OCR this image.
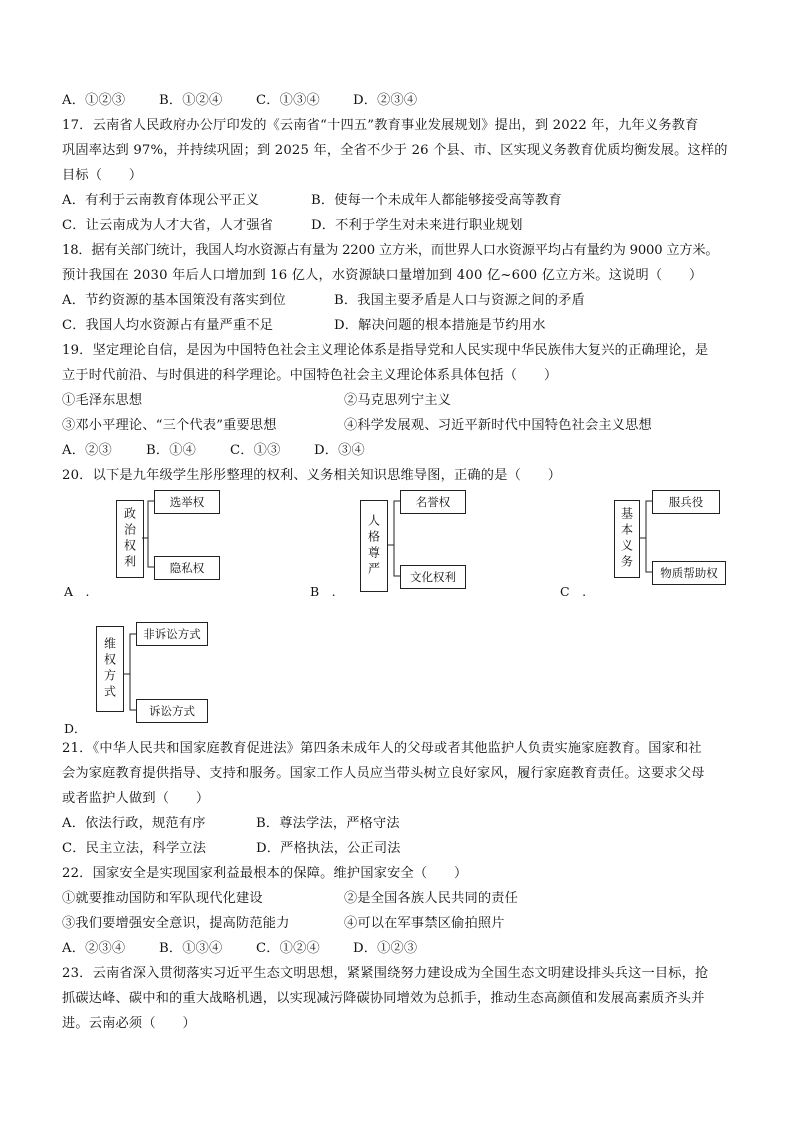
A．①②③	B．①②④	C．①③④	D．②③④
17．云南省人民政府办公厅印发的《云南省“十四五”教育事业发展规划》提出，到 2022 年，九年义务教育
巩固率达到 97%，并持续巩固；到 2025 年，全省不少于 26 个县、市、区实现义务教育优质均衡发展。这样的
目标（　　）
A．有利于云南教育体现公平正义	B．使每一个未成年人都能够接受高等教育
C．让云南成为人才大省，人才强省	D．不利于学生对未来进行职业规划
18．据有关部门统计，我国人均水资源占有量为 2200 立方米，而世界人口水资源平均占有量约为 9000 立方米。
预计我国在 2030 年后人口增加到 16 亿人，水资源缺口量增加到 400 亿~600 亿立方米。这说明（　　）
A．节约资源的基本国策没有落实到位	B．我国主要矛盾是人口与资源之间的矛盾
C．我国人均水资源占有量严重不足	D．解决问题的根本措施是节约用水
19．坚定理论自信，是因为中国特色社会主义理论体系是指导党和人民实现中华民族伟大复兴的正确理论，是
立于时代前沿、与时俱进的科学理论。中国特色社会主义理论体系具体包括（　　）
①毛泽东思想	②马克思列宁主义
③邓小平理论、“三个代表”重要思想	④科学发展观、习近平新时代中国特色社会主义思想
A．②③	B．①④	C．①③	D．③④
20．以下是九年级学生彤彤整理的权利、义务相关知识思维导图，正确的是（　　）
政治权利
选举权
隐私权
A　.
人格尊严
名誉权
文化权利
B　.
基本义务
服兵役
物质帮助权
C　.
维权方式
非诉讼方式
诉讼方式
D．
21．《中华人民共和国家庭教育促进法》第四条未成年人的父母或者其他监护人负责实施家庭教育。国家和社
会为家庭教育提供指导、支持和服务。国家工作人员应当带头树立良好家风，履行家庭教育责任。这要求父母
或者监护人做到（　　）
A．依法行政，规范有序	B．尊法学法，严格守法
C．民主立法，科学立法	D．严格执法，公正司法
22．国家安全是实现国家利益最根本的保障。维护国家安全（　　）
①就要推动国防和军队现代化建设	②是全国各族人民共同的责任
③我们要增强安全意识，提高防范能力	④可以在军事禁区偷拍照片
A．②③④	B．①③④	C．①②④	D．①②③
23．云南省深入贯彻落实习近平生态文明思想，紧紧围绕努力建设成为全国生态文明建设排头兵这一目标，抢
抓碳达峰、碳中和的重大战略机遇，以实现减污降碳协同增效为总抓手，推动生态高颜值和发展高素质齐头并
进。云南必须（　　）
